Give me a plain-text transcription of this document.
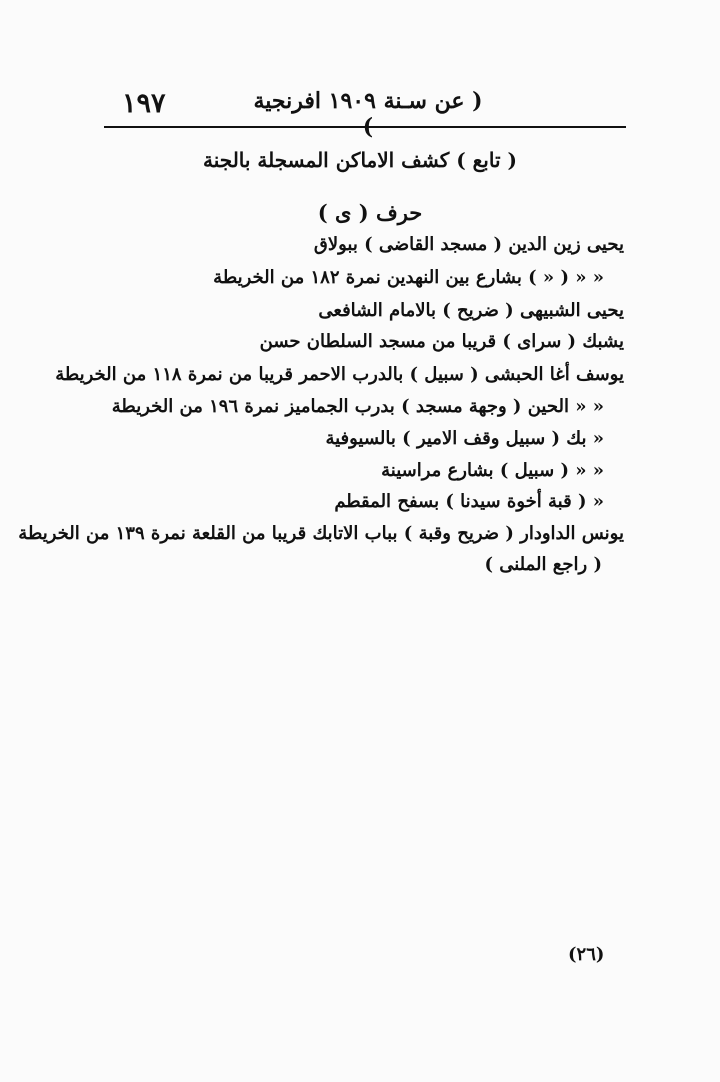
١٩٧	( عن سـنة ١٩٠٩ افرنجية )
( تابع ) كشف الاماكن المسجلة بالجنة
حرف ( ى )
يحيى زين الدين ( مسجد القاضى ) ببولاق
« « ( « ) بشارع بين النهدين نمرة ١٨٢ من الخريطة
يحيى الشبيهى ( ضريح ) بالامام الشافعى
يشبك ( سراى ) قريبا من مسجد السلطان حسن
يوسف أغا الحبشى ( سبيل ) بالدرب الاحمر قريبا من نمرة ١١٨ من الخريطة
« « الحين ( وجهة مسجد ) بدرب الجماميز نمرة ١٩٦ من الخريطة
« بك ( سبيل وقف الامير ) بالسيوفية
« « ( سبيل ) بشارع مراسينة
« ( قبة أخوة سيدنا ) بسفح المقطم
يونس الداودار ( ضريح وقبة ) بباب الاتابك قريبا من القلعة نمرة ١٣٩ من الخريطة
( راجع الملنى )
(٢٦)
